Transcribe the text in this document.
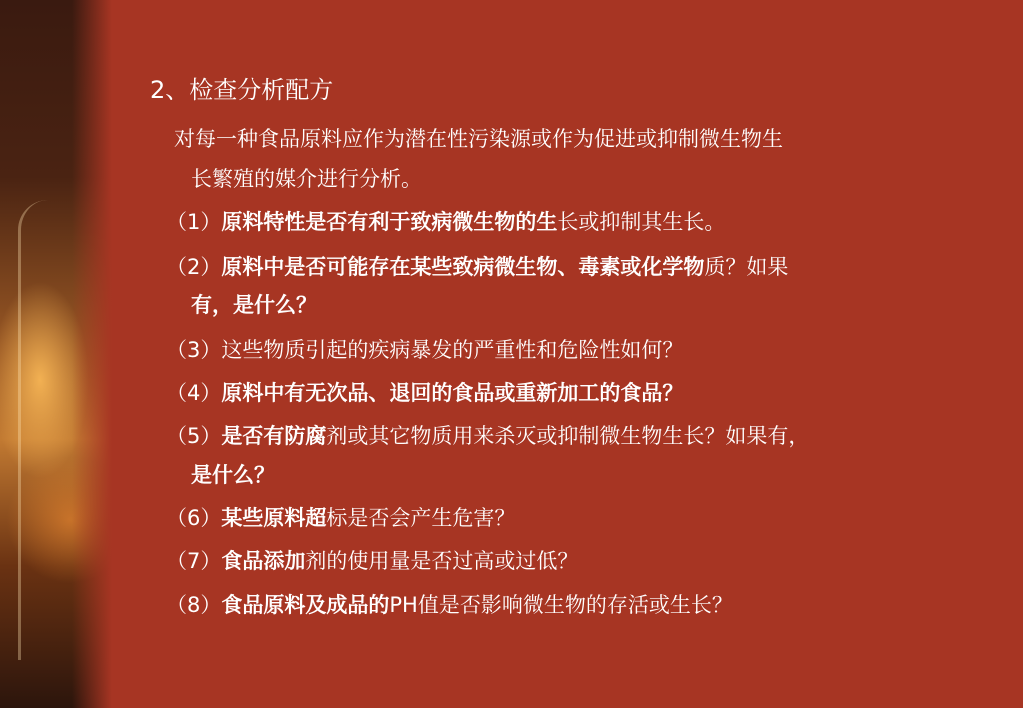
2、检查分析配方
对每一种食品原料应作为潜在性污染源或作为促进或抑制微生物生
长繁殖的媒介进行分析。
（1）原料特性是否有利于致病微生物的生长或抑制其生长。
（2）原料中是否可能存在某些致病微生物、毒素或化学物质？如果
有，是什么？
（3）这些物质引起的疾病暴发的严重性和危险性如何？
（4）原料中有无次品、退回的食品或重新加工的食品？
（5）是否有防腐剂或其它物质用来杀灭或抑制微生物生长？如果有，
是什么？
（6）某些原料超标是否会产生危害？
（7）食品添加剂的使用量是否过高或过低？
（8）食品原料及成品的PH值是否影响微生物的存活或生长？
